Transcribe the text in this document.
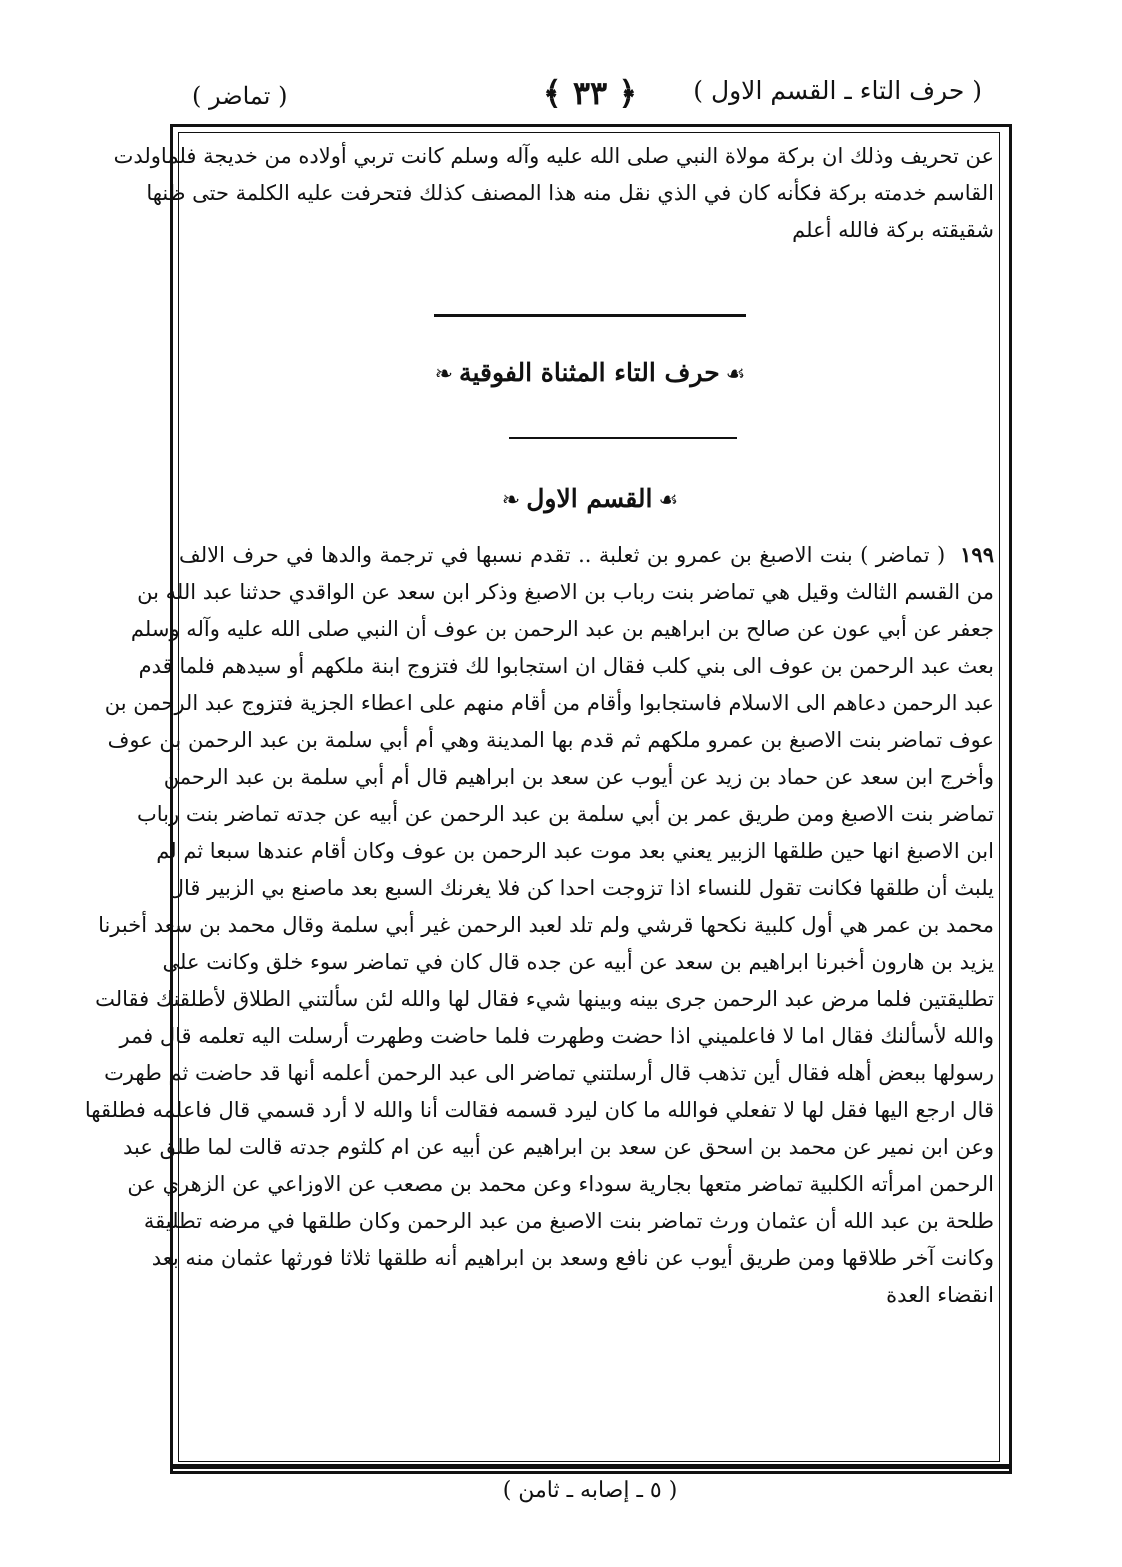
( تماضر )	﴿ ٣٣ ﴾	( حرف التاء ـ القسم الاول )
عن تحريف وذلك ان بركة مولاة النبي صلى الله عليه وآله وسلم كانت تربي أولاده من خديجة فلماولدت
القاسم خدمته بركة فكأنه كان في الذي نقل منه هذا المصنف كذلك فتحرفت عليه الكلمة حتى ظنها
شقيقته بركة فالله أعلم
☙حرف التاء المثناة الفوقية❧
☙القسم الاول❧
١٩٩  ( تماضر ) بنت الاصبغ بن عمرو بن ثعلبة .. تقدم نسبها في ترجمة والدها في حرف الالف
من القسم الثالث وقيل هي تماضر بنت رباب بن الاصبغ وذكر ابن سعد عن الواقدي حدثنا عبد الله بن
جعفر عن أبي عون عن صالح بن ابراهيم بن عبد الرحمن بن عوف أن النبي صلى الله عليه وآله وسلم
بعث عبد الرحمن بن عوف الى بني كلب فقال ان استجابوا لك فتزوج ابنة ملكهم أو سيدهم فلما قدم
عبد الرحمن دعاهم الى الاسلام فاستجابوا وأقام من أقام منهم على اعطاء الجزية فتزوج عبد الرحمن بن
عوف تماضر بنت الاصبغ بن عمرو ملكهم ثم قدم بها المدينة وهي أم أبي سلمة بن عبد الرحمن بن عوف
وأخرج ابن سعد عن حماد بن زيد عن أيوب عن سعد بن ابراهيم قال أم أبي سلمة بن عبد الرحمن
تماضر بنت الاصبغ ومن طريق عمر بن أبي سلمة بن عبد الرحمن عن أبيه عن جدته تماضر بنت رباب
ابن الاصبغ انها حين طلقها الزبير يعني بعد موت عبد الرحمن بن عوف وكان أقام عندها سبعا ثم لم
يلبث أن طلقها فكانت تقول للنساء اذا تزوجت احدا كن فلا يغرنك السبع بعد ماصنع بي الزبير قال
محمد بن عمر هي أول كلبية نكحها قرشي ولم تلد لعبد الرحمن غير أبي سلمة وقال محمد بن سعد أخبرنا
يزيد بن هارون أخبرنا ابراهيم بن سعد عن أبيه عن جده قال كان في تماضر سوء خلق وكانت على
تطليقتين فلما مرض عبد الرحمن جرى بينه وبينها شيء فقال لها والله لئن سألتني الطلاق لأطلقنك فقالت
والله لأسألنك فقال اما لا فاعلميني اذا حضت وطهرت فلما حاضت وطهرت أرسلت اليه تعلمه قال فمر
رسولها ببعض أهله فقال أين تذهب قال أرسلتني تماضر الى عبد الرحمن أعلمه أنها قد حاضت ثم طهرت
قال ارجع اليها فقل لها لا تفعلي فوالله ما كان ليرد قسمه فقالت أنا والله لا أرد قسمي قال فاعلمه فطلقها
وعن ابن نمير عن محمد بن اسحق عن سعد بن ابراهيم عن أبيه عن ام كلثوم جدته قالت لما طلق عبد
الرحمن امرأته الكلبية تماضر متعها بجارية سوداء وعن محمد بن مصعب عن الاوزاعي عن الزهري عن
طلحة بن عبد الله أن عثمان ورث تماضر بنت الاصبغ من عبد الرحمن وكان طلقها في مرضه تطليقة
وكانت آخر طلاقها ومن طريق أيوب عن نافع وسعد بن ابراهيم أنه طلقها ثلاثا فورثها عثمان منه بعد
انقضاء العدة
( ٥ ـ إصابه ـ ثامن )
